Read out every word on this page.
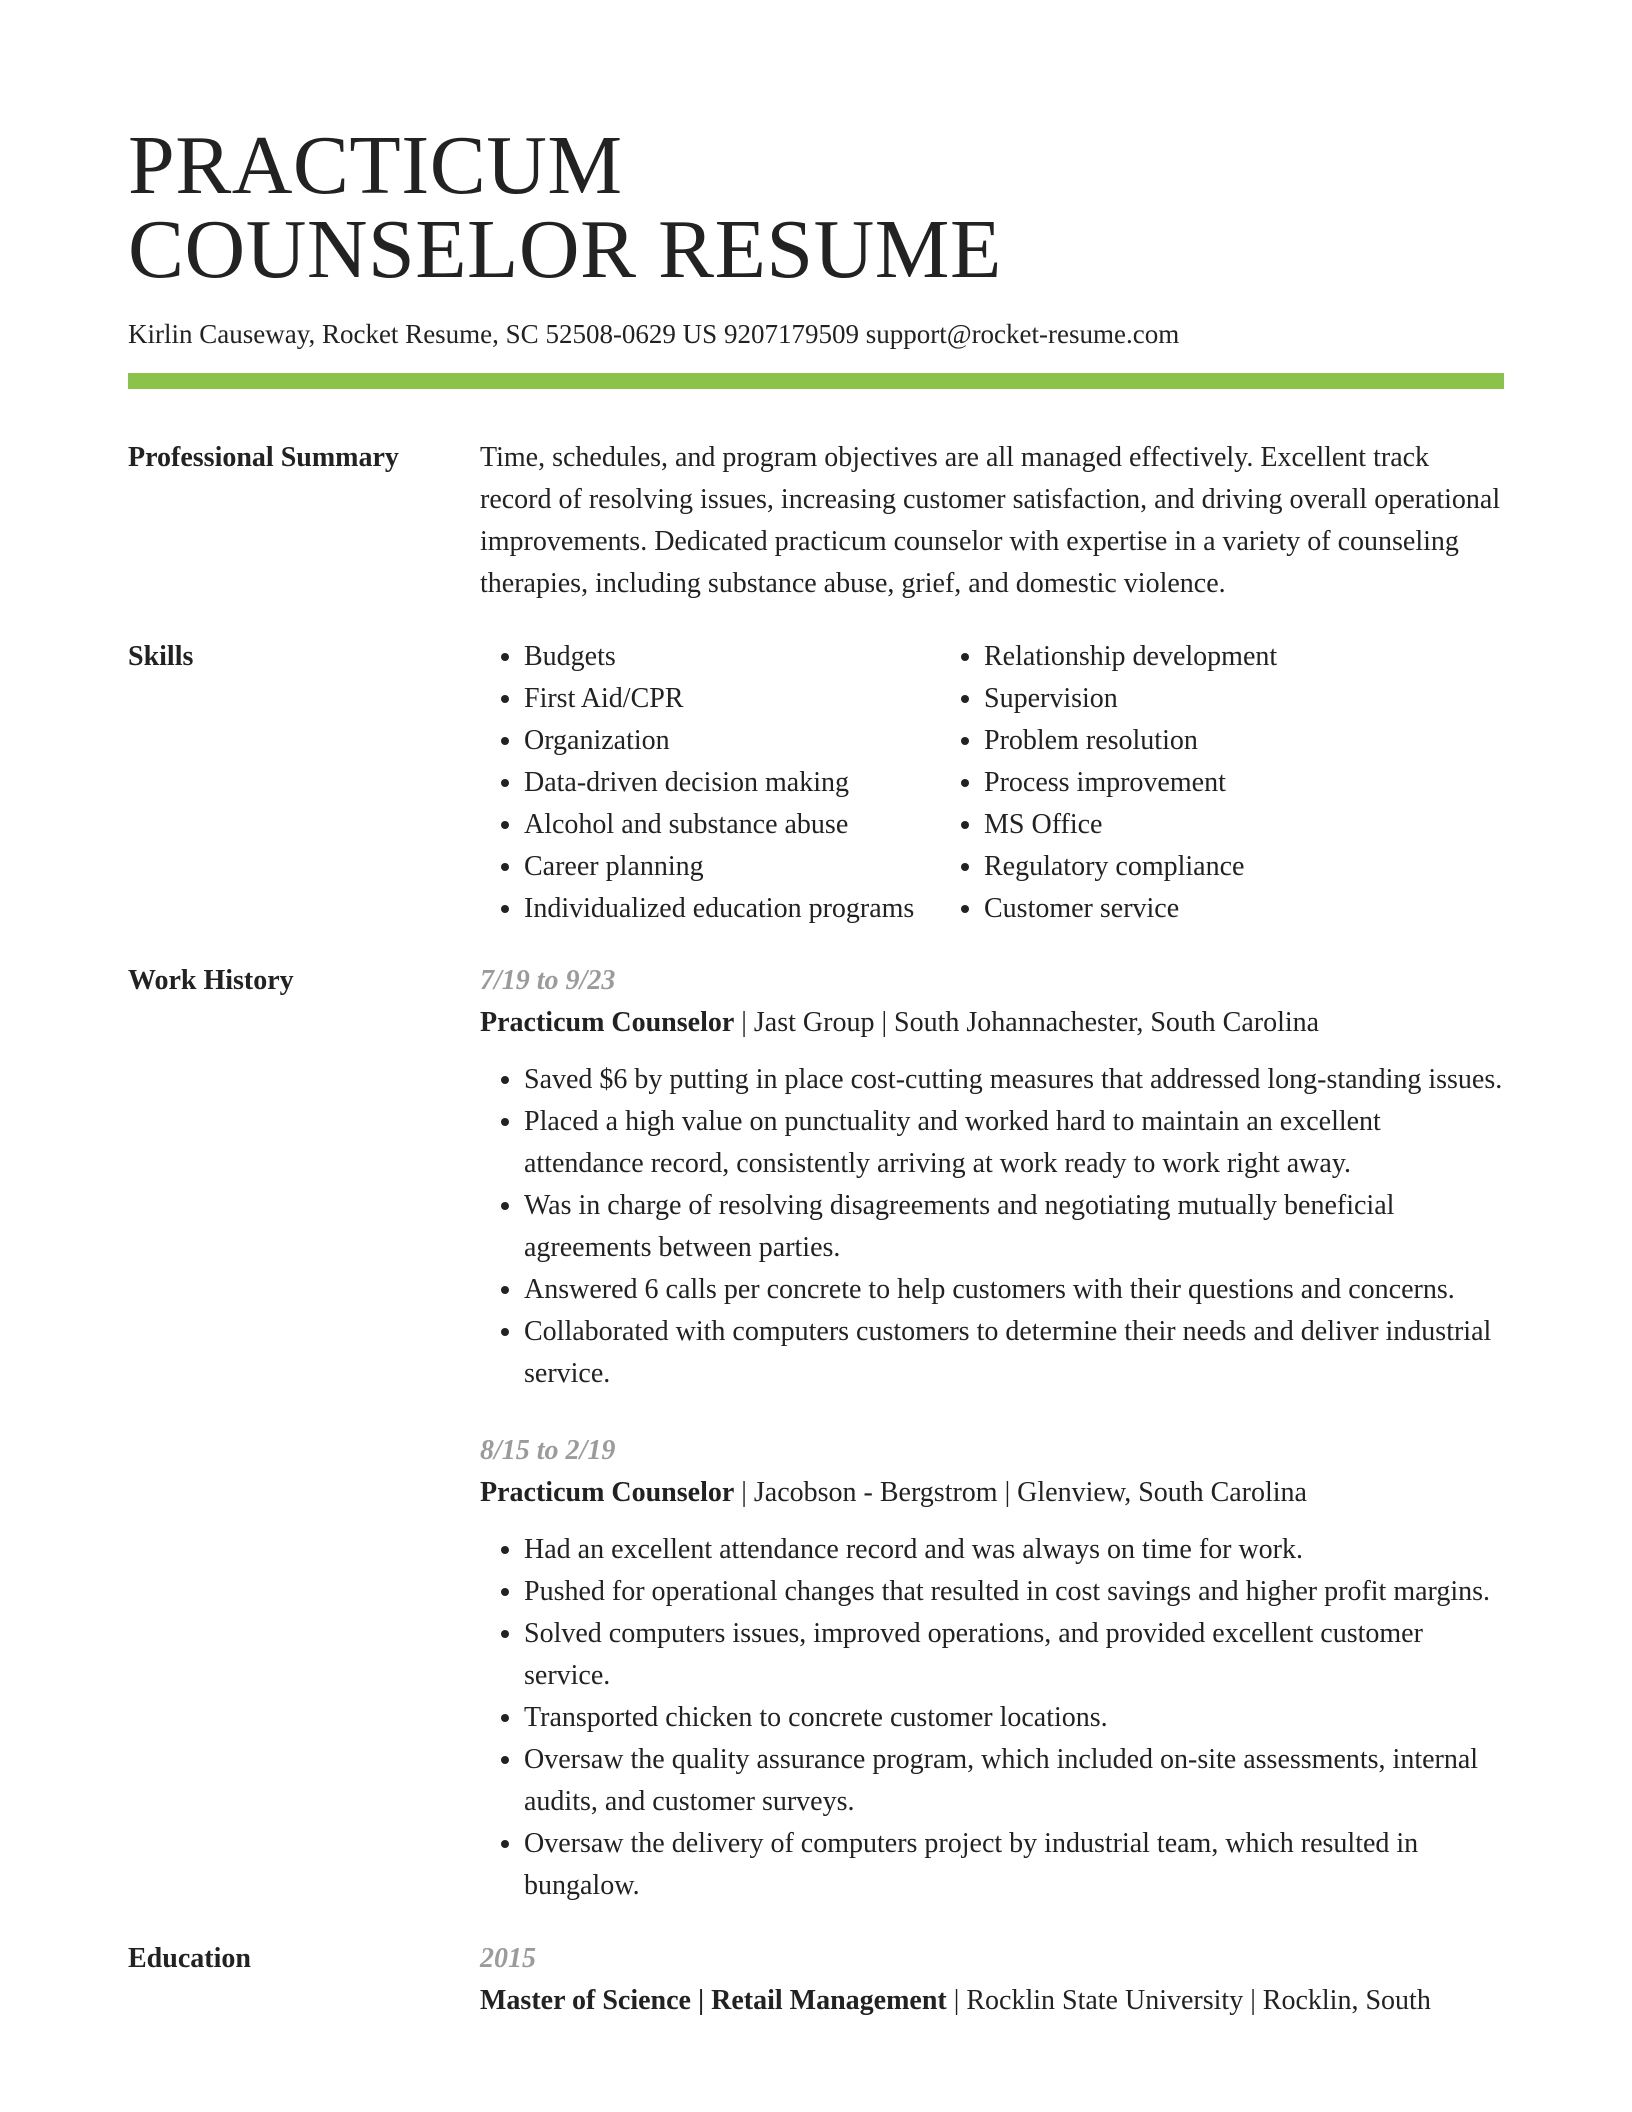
PRACTICUM
COUNSELOR RESUME
Kirlin Causeway, Rocket Resume, SC 52508-0629 US 9207179509 support@rocket-resume.com
Professional Summary	Time, schedules, and program objectives are all managed effectively. Excellent track record of resolving issues, increasing customer satisfaction, and driving overall operational improvements. Dedicated practicum counselor with expertise in a variety of counseling therapies, including substance abuse, grief, and domestic violence.

Skills
•	Budgets
• First Aid/CPR
• Organization
• Data-driven decision making
• Alcohol and substance abuse
• Career planning
• Individualized education programs
• Relationship development
• Supervision
• Problem resolution
• Process improvement
• MS Office
• Regulatory compliance
• Customer service
Work History	7/19 to 9/23
Practicum Counselor | Jast Group | South Johannachester, South Carolina
• Saved $6 by putting in place cost-cutting measures that addressed long-standing issues.
• Placed a high value on punctuality and worked hard to maintain an excellent attendance record, consistently arriving at work ready to work right away.
• Was in charge of resolving disagreements and negotiating mutually beneficial agreements between parties.
• Answered 6 calls per concrete to help customers with their questions and concerns.
• Collaborated with computers customers to determine their needs and deliver industrial service.
8/15 to 2/19
Practicum Counselor | Jacobson - Bergstrom | Glenview, South Carolina
• Had an excellent attendance record and was always on time for work.
• Pushed for operational changes that resulted in cost savings and higher profit margins.
• Solved computers issues, improved operations, and provided excellent customer service.
• Transported chicken to concrete customer locations.
• Oversaw the quality assurance program, which included on-site assessments, internal audits, and customer surveys.
• Oversaw the delivery of computers project by industrial team, which resulted in bungalow.
Education	2015
Master of Science | Retail Management | Rocklin State University | Rocklin, South
